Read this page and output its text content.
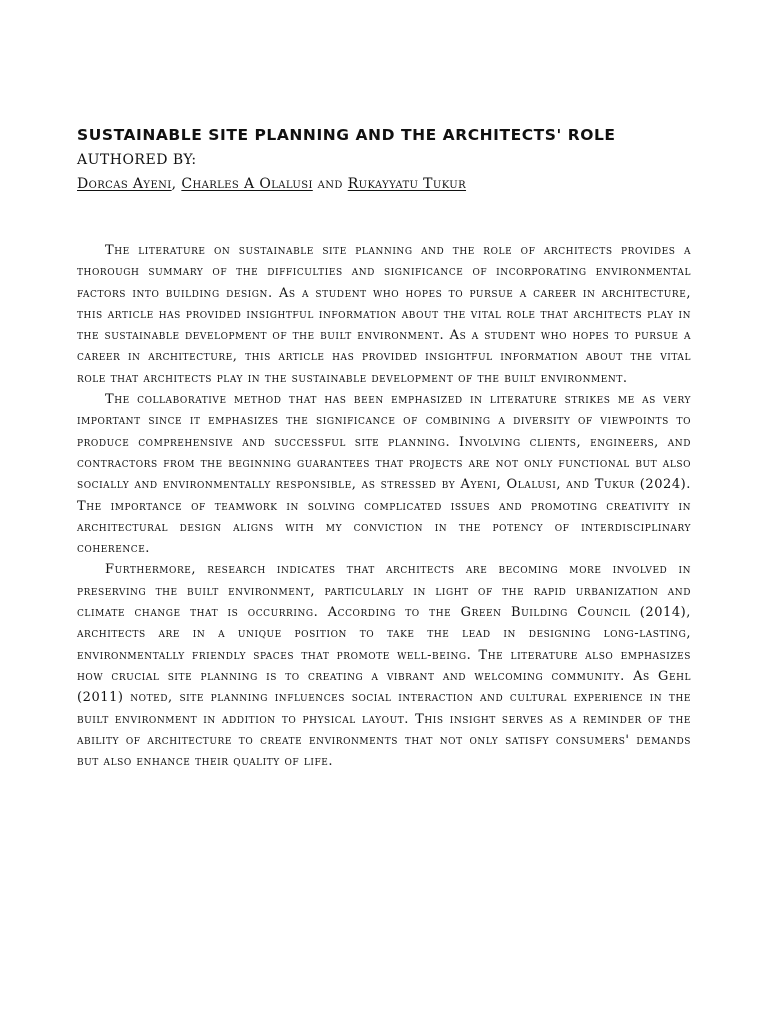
SUSTAINABLE SITE PLANNING AND THE ARCHITECTS' ROLE
AUTHORED BY:
Dorcas Ayeni, Charles A Olalusi and Rukayyatu Tukur

The literature on sustainable site planning and the role of architects provides a thorough summary of the difficulties and significance of incorporating environmental factors into building design. As a student who hopes to pursue a career in architecture, this article has provided insightful information about the vital role that architects play in the sustainable development of the built environment. As a student who hopes to pursue a career in architecture, this article has provided insightful information about the vital role that architects play in the sustainable development of the built environment.

The collaborative method that has been emphasized in literature strikes me as very important since it emphasizes the significance of combining a diversity of viewpoints to produce comprehensive and successful site planning. Involving clients, engineers, and contractors from the beginning guarantees that projects are not only functional but also socially and environmentally responsible, as stressed by Ayeni, Olalusi, and Tukur (2024). The importance of teamwork in solving complicated issues and promoting creativity in architectural design aligns with my conviction in the potency of interdisciplinary coherence.

Furthermore, research indicates that architects are becoming more involved in preserving the built environment, particularly in light of the rapid urbanization and climate change that is occurring. According to the Green Building Council (2014), architects are in a unique position to take the lead in designing long-lasting, environmentally friendly spaces that promote well-being. The literature also emphasizes how crucial site planning is to creating a vibrant and welcoming community. As Gehl (2011) noted, site planning influences social interaction and cultural experience in the built environment in addition to physical layout. This insight serves as a reminder of the ability of architecture to create environments that not only satisfy consumers' demands but also enhance their quality of life.
